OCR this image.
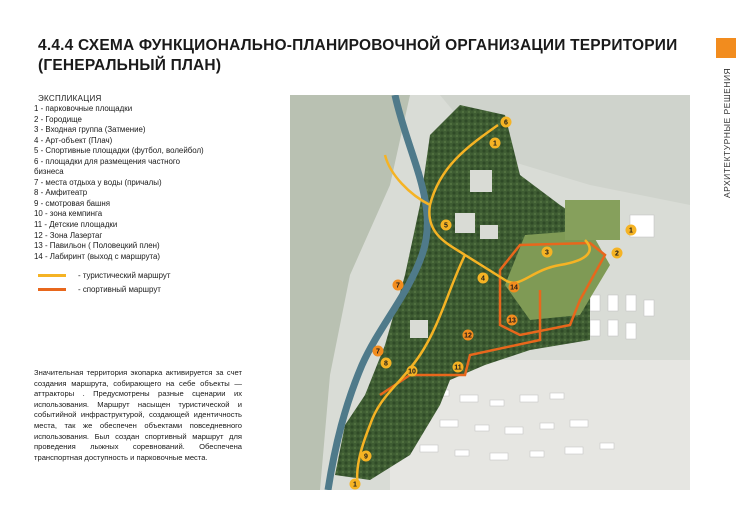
4.4.4 СХЕМА ФУНКЦИОНАЛЬНО-ПЛАНИРОВОЧНОЙ ОРГАНИЗАЦИИ ТЕРРИТОРИИ
(ГЕНЕРАЛЬНЫЙ ПЛАН)
АРХИТЕКТУРНЫЕ РЕШЕНИЯ
ЭКСПЛИКАЦИЯ
1 - парковочные площадки
2 - Городище
3 - Входная группа (Затмение)
4 - Арт-объект (Плач)
5 - Спортивные площадки (футбол, волейбол)
6 - площадки для размещения частного
бизнеса
7 - места отдыха у воды (причалы)
8 - Амфитеатр
9 - смотровая башня
10 - зона кемпинга
11 - Детские площадки
12 - Зона Лазертаг
13 - Павильон ( Половецкий плен)
14 - Лабиринт (выход с маршрута)
- туристический маршрут
- спортивный маршрут
Значительная территория экопарка активируется за счет создания маршрута, собирающего на себе объекты — аттракторы . Предусмотрены разные сценарии их использования. Маршрут насыщен туристической и событийной инфраструктурой, создающей идентичность места, так же обеспечен объектами повседневного использования. Был создан спортивный маршрут для проведения лыжных соревнований. Обеспечена транспортная доступность и парковочные места.
1
6
5
7
7
8
10
11
12
13
14
4
3	2
1
9
1
